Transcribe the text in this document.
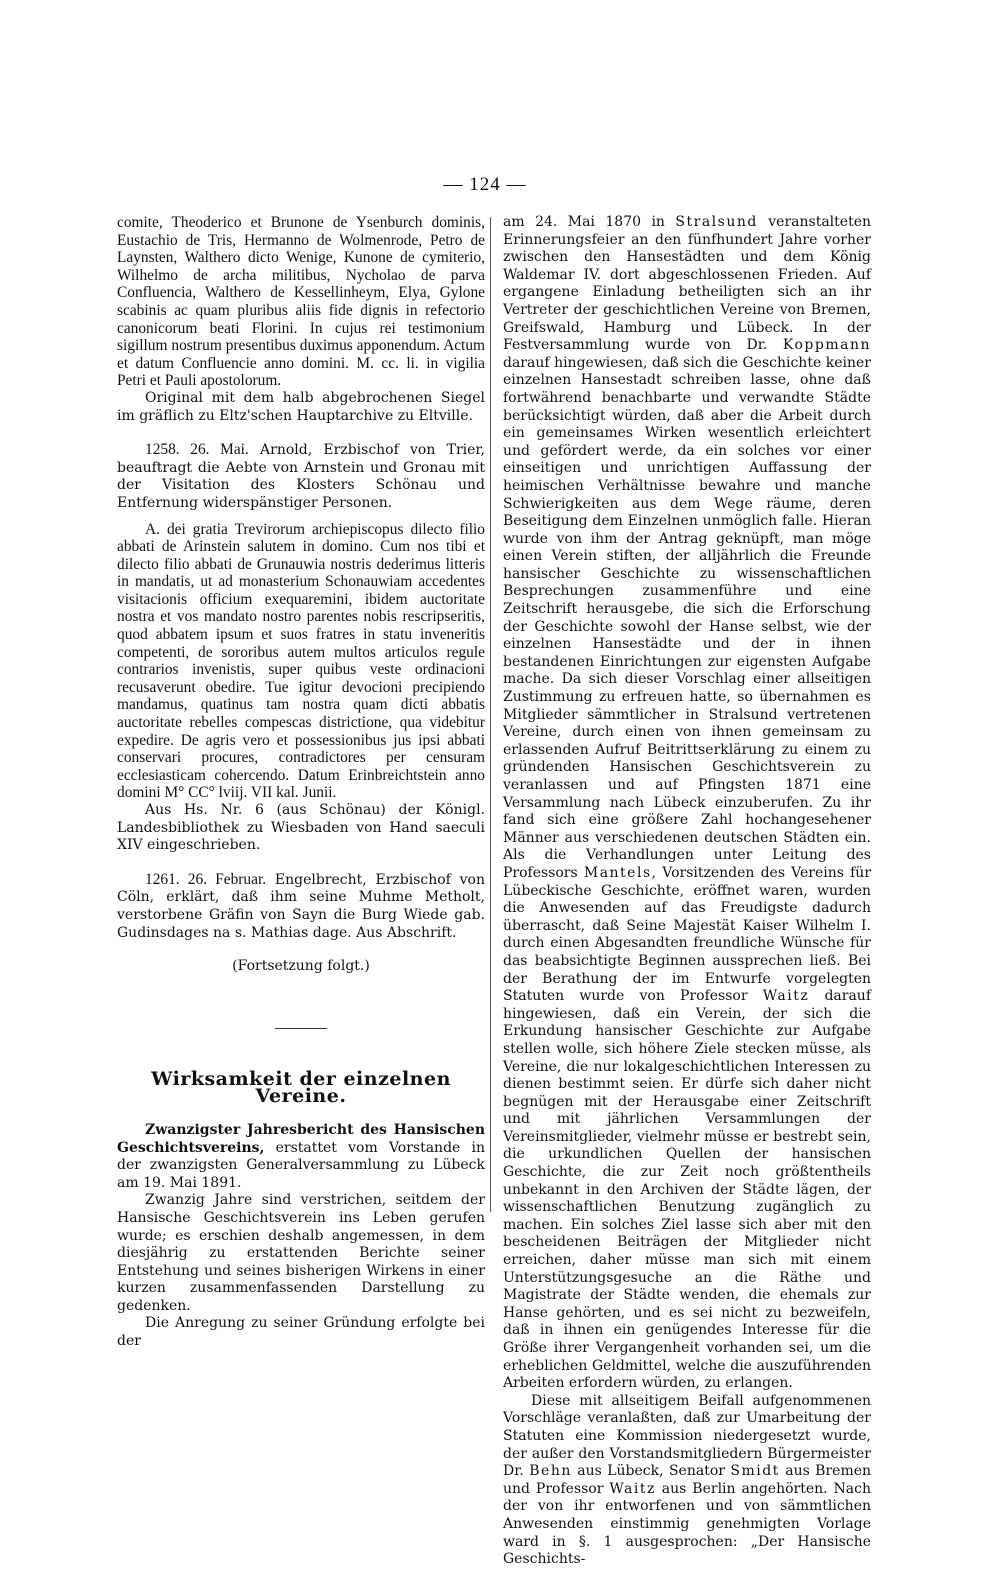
— 124 —

comite, Theoderico et Brunone de Ysenburch dominis, Eustachio de Tris, Hermanno de Wolmenrode, Petro de Laynsten, Walthero dicto Wenige, Kunone de cymiterio, Wilhelmo de archa militibus, Nycholao de parva Confluencia, Walthero de Kessellinheym, Elya, Gylone scabinis ac quam pluribus aliis fide dignis in refectorio canonicorum beati Florini. In cujus rei testimonium sigillum nostrum presentibus duximus apponendum. Actum et datum Confluencie anno domini. M. cc. li. in vigilia Petri et Pauli apostolorum.

Original mit dem halb abgebrochenen Siegel im gräflich zu Eltz'schen Hauptarchive zu Eltville.

1258. 26. Mai. Arnold, Erzbischof von Trier, beauftragt die Aebte von Arnstein und Gronau mit der Visitation des Klosters Schönau und Entfernung widerspänstiger Personen.

A. dei gratia Trevirorum archiepiscopus dilecto filio abbati de Arinstein salutem in domino. Cum nos tibi et dilecto filio abbati de Grunauwia nostris dederimus litteris in mandatis, ut ad monasterium Schonauwiam accedentes visitacionis officium exequaremini, ibidem auctoritate nostra et vos mandato nostro parentes nobis rescripseritis, quod abbatem ipsum et suos fratres in statu inveneritis competenti, de sororibus autem multos articulos regule contrarios invenistis, super quibus veste ordinacioni recusaverunt obedire. Tue igitur devocioni precipiendo mandamus, quatinus tam nostra quam dicti abbatis auctoritate rebelles compescas districtione, qua videbitur expedire. De agris vero et possessionibus jus ipsi abbati conservari procures, contradictores per censuram ecclesiasticam cohercendo. Datum Erinbreichtstein anno domini M° CC° lviij. VII kal. Junii.

Aus Hs. Nr. 6 (aus Schönau) der Königl. Landesbibliothek zu Wiesbaden von Hand saeculi XIV eingeschrieben.

1261. 26. Februar. Engelbrecht, Erzbischof von Cöln, erklärt, daß ihm seine Muhme Metholt, verstorbene Gräfin von Sayn die Burg Wiede gab. Gudinsdages na s. Mathias dage. Aus Abschrift.

(Fortsetzung folgt.)

Wirksamkeit der einzelnen Vereine.

Zwanzigster Jahresbericht des Hansischen Geschichtsvereins, erstattet vom Vorstande in der zwanzigsten Generalversammlung zu Lübeck am 19. Mai 1891.

Zwanzig Jahre sind verstrichen, seitdem der Hansische Geschichtsverein ins Leben gerufen wurde; es erschien deshalb angemessen, in dem diesjährig zu erstattenden Berichte seiner Entstehung und seines bisherigen Wirkens in einer kurzen zusammenfassenden Darstellung zu gedenken.

Die Anregung zu seiner Gründung erfolgte bei der

am 24. Mai 1870 in Stralsund veranstalteten Erinnerungsfeier an den fünfhundert Jahre vorher zwischen den Hansestädten und dem König Waldemar IV. dort abgeschlossenen Frieden. Auf ergangene Einladung betheiligten sich an ihr Vertreter der geschichtlichen Vereine von Bremen, Greifswald, Hamburg und Lübeck. In der Festversammlung wurde von Dr. Koppmann darauf hingewiesen, daß sich die Geschichte keiner einzelnen Hansestadt schreiben lasse, ohne daß fortwährend benachbarte und verwandte Städte berücksichtigt würden, daß aber die Arbeit durch ein gemeinsames Wirken wesentlich erleichtert und gefördert werde, da ein solches vor einer einseitigen und unrichtigen Auffassung der heimischen Verhältnisse bewahre und manche Schwierigkeiten aus dem Wege räume, deren Beseitigung dem Einzelnen unmöglich falle. Hieran wurde von ihm der Antrag geknüpft, man möge einen Verein stiften, der alljährlich die Freunde hansischer Geschichte zu wissenschaftlichen Besprechungen zusammenführe und eine Zeitschrift herausgebe, die sich die Erforschung der Geschichte sowohl der Hanse selbst, wie der einzelnen Hansestädte und der in ihnen bestandenen Einrichtungen zur eigensten Aufgabe mache. Da sich dieser Vorschlag einer allseitigen Zustimmung zu erfreuen hatte, so übernahmen es Mitglieder sämmtlicher in Stralsund vertretenen Vereine, durch einen von ihnen gemeinsam zu erlassenden Aufruf Beitrittserklärung zu einem zu gründenden Hansischen Geschichtsverein zu veranlassen und auf Pfingsten 1871 eine Versammlung nach Lübeck einzuberufen. Zu ihr fand sich eine größere Zahl hochangesehener Männer aus verschiedenen deutschen Städten ein. Als die Verhandlungen unter Leitung des Professors Mantels, Vorsitzenden des Vereins für Lübeckische Geschichte, eröffnet waren, wurden die Anwesenden auf das Freudigste dadurch überrascht, daß Seine Majestät Kaiser Wilhelm I. durch einen Abgesandten freundliche Wünsche für das beabsichtigte Beginnen aussprechen ließ. Bei der Berathung der im Entwurfe vorgelegten Statuten wurde von Professor Waitz darauf hingewiesen, daß ein Verein, der sich die Erkundung hansischer Geschichte zur Aufgabe stellen wolle, sich höhere Ziele stecken müsse, als Vereine, die nur lokalgeschichtlichen Interessen zu dienen bestimmt seien. Er dürfe sich daher nicht begnügen mit der Herausgabe einer Zeitschrift und mit jährlichen Versammlungen der Vereinsmitglieder, vielmehr müsse er bestrebt sein, die urkundlichen Quellen der hansischen Geschichte, die zur Zeit noch größtentheils unbekannt in den Archiven der Städte lägen, der wissenschaftlichen Benutzung zugänglich zu machen. Ein solches Ziel lasse sich aber mit den bescheidenen Beiträgen der Mitglieder nicht erreichen, daher müsse man sich mit einem Unterstützungsgesuche an die Räthe und Magistrate der Städte wenden, die ehemals zur Hanse gehörten, und es sei nicht zu bezweifeln, daß in ihnen ein genügendes Interesse für die Größe ihrer Vergangenheit vorhanden sei, um die erheblichen Geldmittel, welche die auszuführenden Arbeiten erfordern würden, zu erlangen.

Diese mit allseitigem Beifall aufgenommenen Vorschläge veranlaßten, daß zur Umarbeitung der Statuten eine Kommission niedergesetzt wurde, der außer den Vorstandsmitgliedern Bürgermeister Dr. Behn aus Lübeck, Senator Smidt aus Bremen und Professor Waitz aus Berlin angehörten. Nach der von ihr entworfenen und von sämmtlichen Anwesenden einstimmig genehmigten Vorlage ward in §. 1 ausgesprochen: „Der Hansische Geschichts-
